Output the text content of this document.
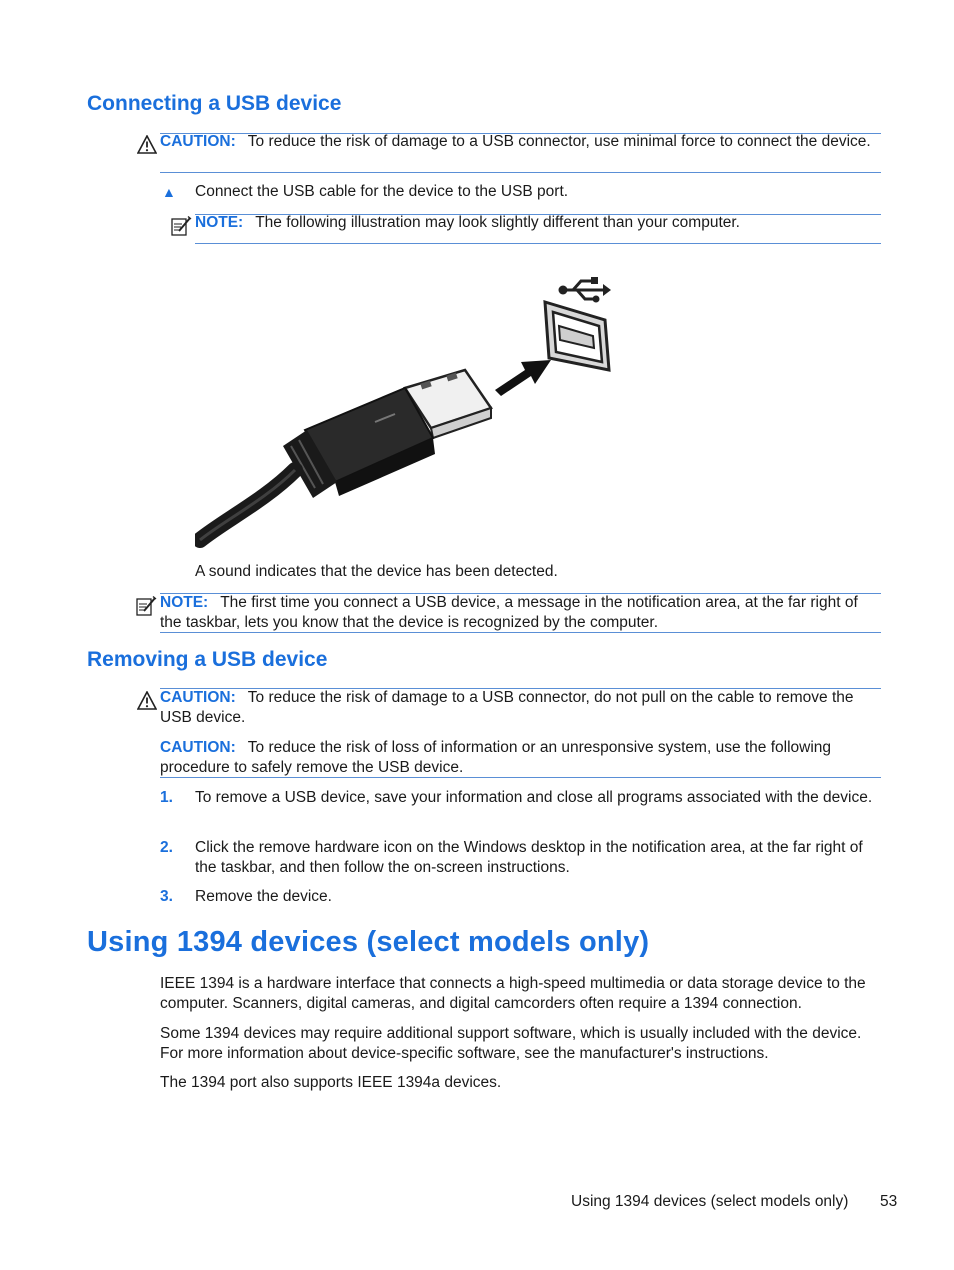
Connecting a USB device
CAUTION: To reduce the risk of damage to a USB connector, use minimal force to connect the device.
▲ Connect the USB cable for the device to the USB port.
NOTE: The following illustration may look slightly different than your computer.
A sound indicates that the device has been detected.
NOTE: The first time you connect a USB device, a message in the notification area, at the far right of the taskbar, lets you know that the device is recognized by the computer.
Removing a USB device
CAUTION: To reduce the risk of damage to a USB connector, do not pull on the cable to remove the USB device.
CAUTION: To reduce the risk of loss of information or an unresponsive system, use the following procedure to safely remove the USB device.
1. To remove a USB device, save your information and close all programs associated with the device.
2. Click the remove hardware icon on the Windows desktop in the notification area, at the far right of the taskbar, and then follow the on-screen instructions.
3. Remove the device.
Using 1394 devices (select models only)
IEEE 1394 is a hardware interface that connects a high-speed multimedia or data storage device to the computer. Scanners, digital cameras, and digital camcorders often require a 1394 connection.
Some 1394 devices may require additional support software, which is usually included with the device. For more information about device-specific software, see the manufacturer's instructions.
The 1394 port also supports IEEE 1394a devices.
Using 1394 devices (select models only) 53
